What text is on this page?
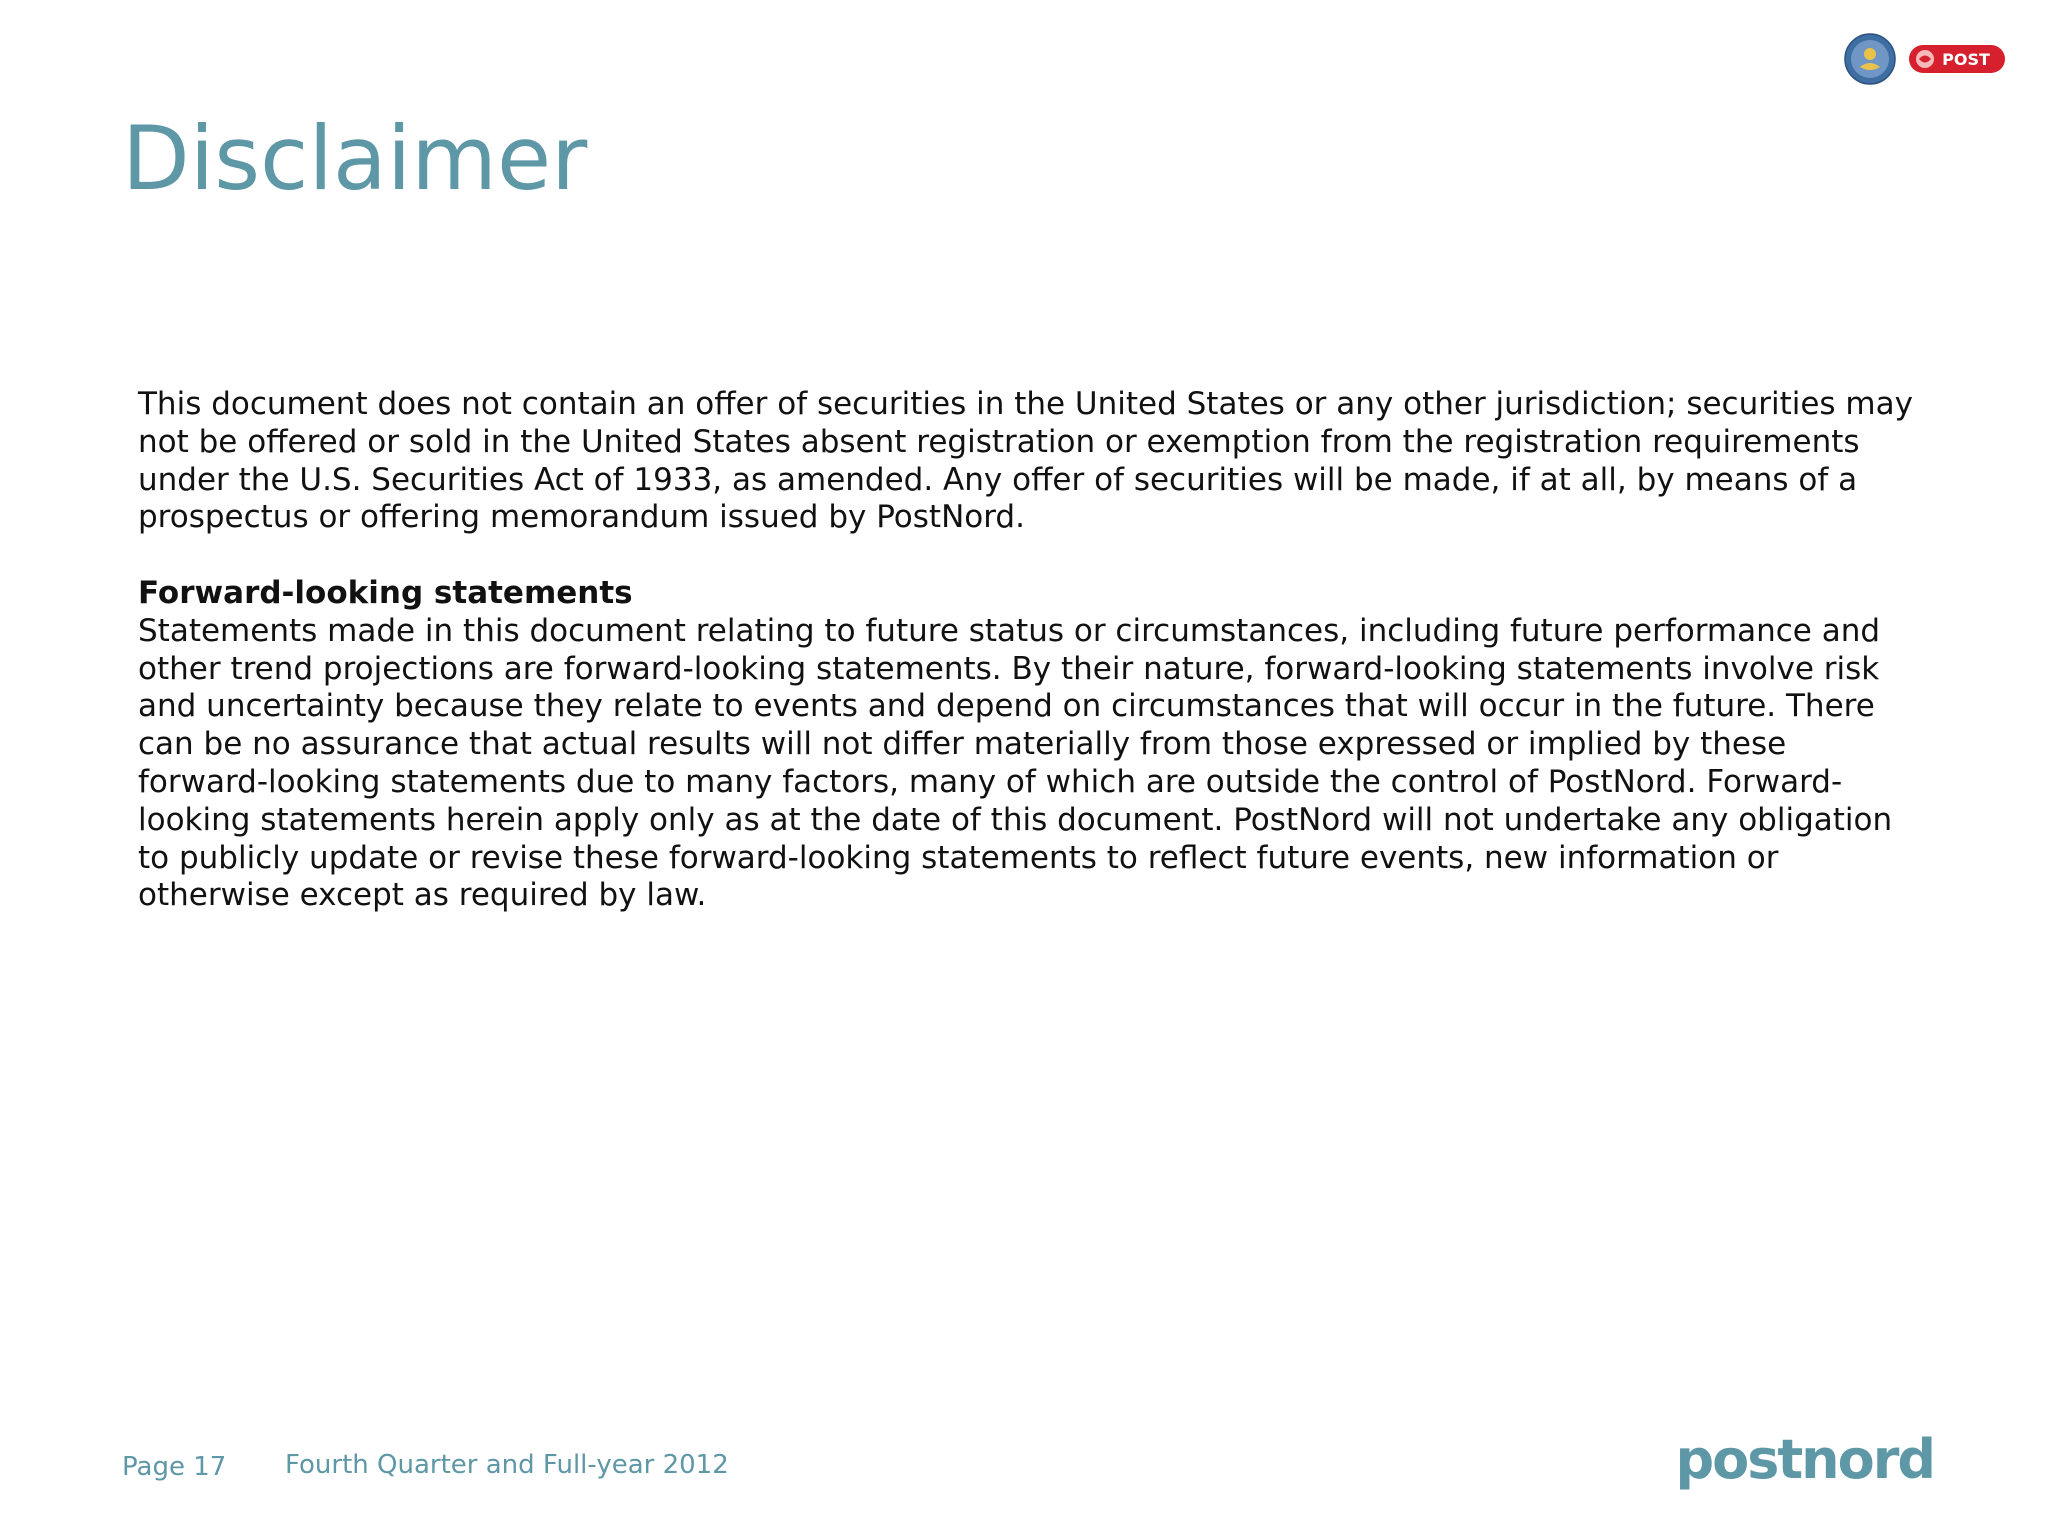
POST
Disclaimer

This document does not contain an offer of securities in the United States or any other jurisdiction; securities may not be offered or sold in the United States absent registration or exemption from the registration requirements under the U.S. Securities Act of 1933, as amended. Any offer of securities will be made, if at all, by means of a prospectus or offering memorandum issued by PostNord.

Forward-looking statements
Statements made in this document relating to future status or circumstances, including future performance and other trend projections are forward-looking statements. By their nature, forward-looking statements involve risk and uncertainty because they relate to events and depend on circumstances that will occur in the future. There can be no assurance that actual results will not differ materially from those expressed or implied by these forward-looking statements due to many factors, many of which are outside the control of PostNord. Forward-looking statements herein apply only as at the date of this document. PostNord will not undertake any obligation to publicly update or revise these forward-looking statements to reflect future events, new information or otherwise except as required by law.

Page 17 Fourth Quarter and Full-year 2012	postnord
